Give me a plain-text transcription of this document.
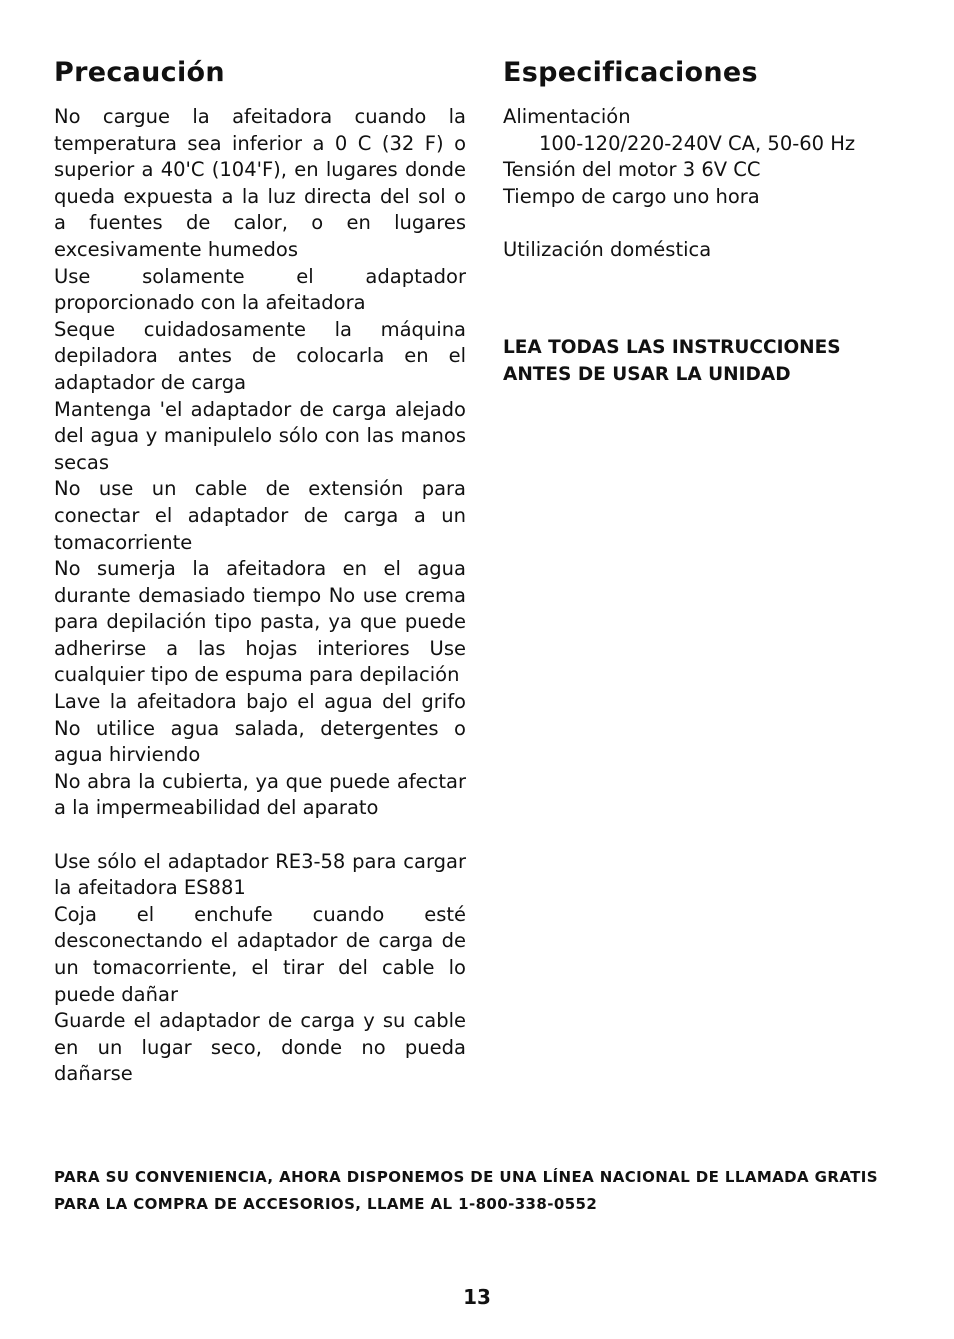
Precaución

No cargue la afeitadora cuando la temperatura sea inferior a 0 C (32 F) o superior a 40'C (104'F), en lugares donde queda expuesta a la luz directa del sol o a fuentes de calor, o en lugares excesivamente humedos

Use solamente el adaptador proporcionado con la afeitadora

Seque cuidadosamente la máquina depiladora antes de colocarla en el adaptador de carga

Mantenga 'el adaptador de carga alejado del agua y manipulelo sólo con las manos secas

No use un cable de extensión para conectar el adaptador de carga a un tomacorriente

No sumerja la afeitadora en el agua durante demasiado tiempo No use crema para depilación tipo pasta, ya que puede adherirse a las hojas interiores Use cualquier tipo de espuma para depilación

Lave la afeitadora bajo el agua del grifo No utilice agua salada, detergentes o agua hirviendo

No abra la cubierta, ya que puede afectar a la impermeabilidad del aparato

Use sólo el adaptador RE3-58 para cargar la afeitadora ES881

Coja el enchufe cuando esté desconectando el adaptador de carga de un tomacorriente, el tirar del cable lo puede dañar

Guarde el adaptador de carga y su cable en un lugar seco, donde no pueda dañarse

Especificaciones

Alimentación

100-120/220-240V CA, 50-60 Hz

Tensión del motor 3 6V CC

Tiempo de cargo uno hora

Utilización doméstica

LEA TODAS LAS INSTRUCCIONES ANTES DE USAR LA UNIDAD

PARA SU CONVENIENCIA, AHORA DISPONEMOS DE UNA LÍNEA NACIONAL DE LLAMADA GRATIS PARA LA COMPRA DE ACCESORIOS, LLAME AL 1-800-338-0552

13
